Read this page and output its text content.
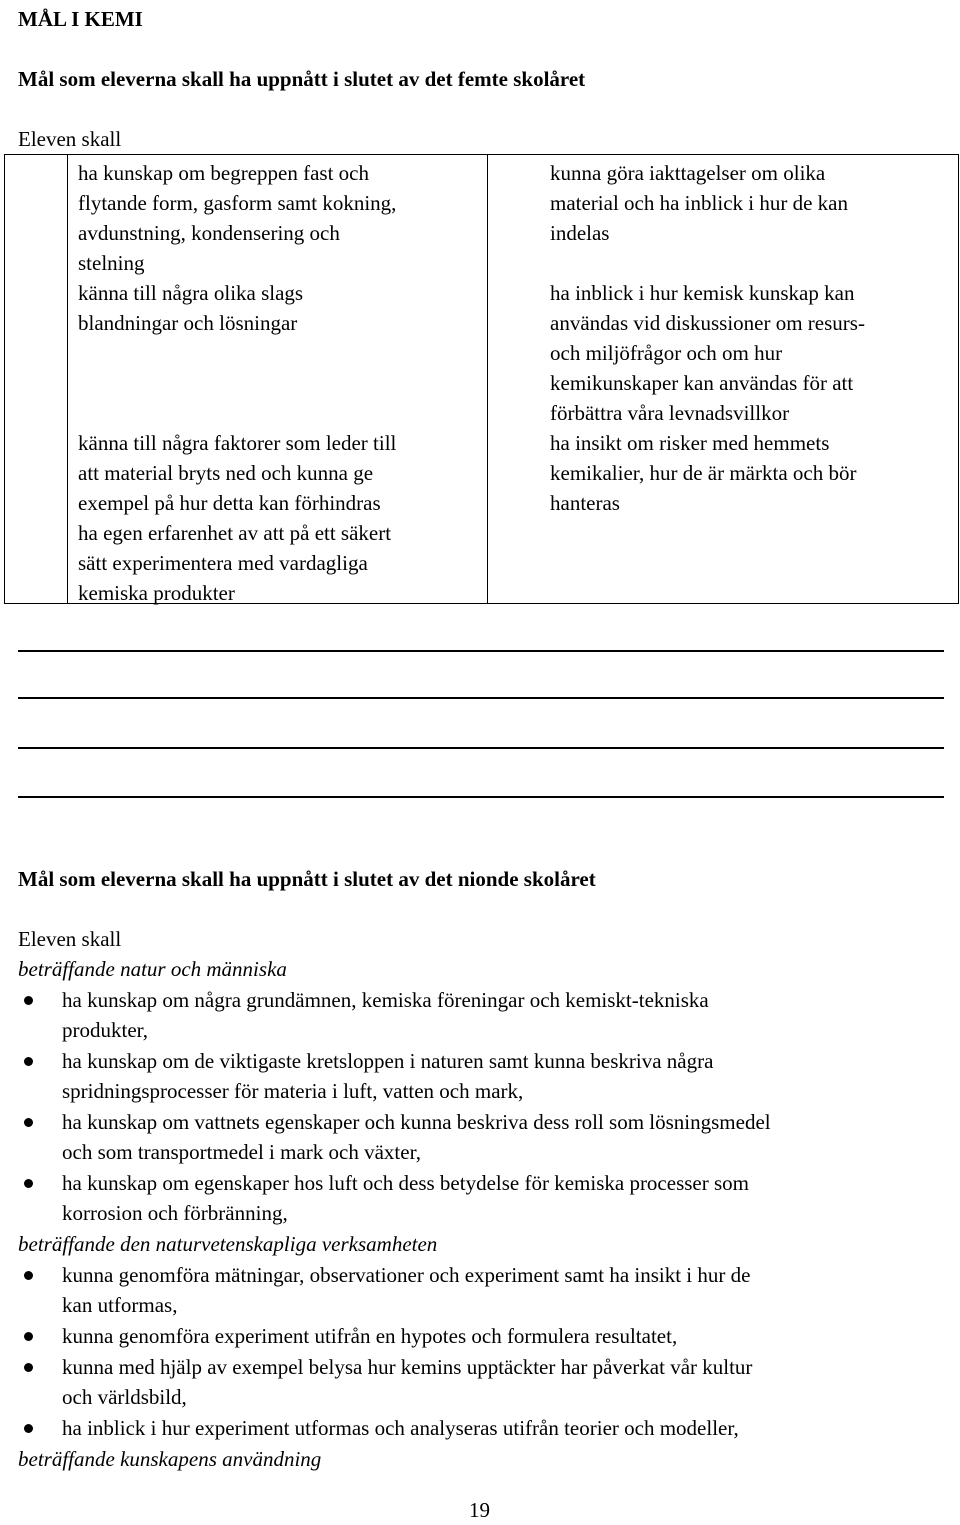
MÅL I KEMI
Mål som eleverna skall ha uppnått i slutet av det femte skolåret
Eleven skall
ha kunskap om begreppen fast och
flytande form, gasform samt kokning,
avdunstning, kondensering och
stelning
känna till några olika slags
blandningar och lösningar
känna till några faktorer som leder till
att material bryts ned och kunna ge
exempel på hur detta kan förhindras
ha egen erfarenhet av att på ett säkert
sätt experimentera med vardagliga
kemiska produkter
kunna göra iakttagelser om olika
material och ha inblick i hur de kan
indelas
ha inblick i hur kemisk kunskap kan
användas vid diskussioner om resurs-
och miljöfrågor och om hur
kemikunskaper kan användas för att
förbättra våra levnadsvillkor
ha insikt om risker med hemmets
kemikalier, hur de är märkta och bör
hanteras
Mål som eleverna skall ha uppnått i slutet av det nionde skolåret
Eleven skall
beträffande natur och människa
ha kunskap om några grundämnen, kemiska föreningar och kemiskt-tekniska
produkter,
ha kunskap om de viktigaste kretsloppen i naturen samt kunna beskriva några
spridningsprocesser för materia i luft, vatten och mark,
ha kunskap om vattnets egenskaper och kunna beskriva dess roll som lösningsmedel
och som transportmedel i mark och växter,
ha kunskap om egenskaper hos luft och dess betydelse för kemiska processer som
korrosion och förbränning,
beträffande den naturvetenskapliga verksamheten
kunna genomföra mätningar, observationer och experiment samt ha insikt i hur de
kan utformas,
kunna genomföra experiment utifrån en hypotes och formulera resultatet,
kunna med hjälp av exempel belysa hur kemins upptäckter har påverkat vår kultur
och världsbild,
ha inblick i hur experiment utformas och analyseras utifrån teorier och modeller,
beträffande kunskapens användning
19
